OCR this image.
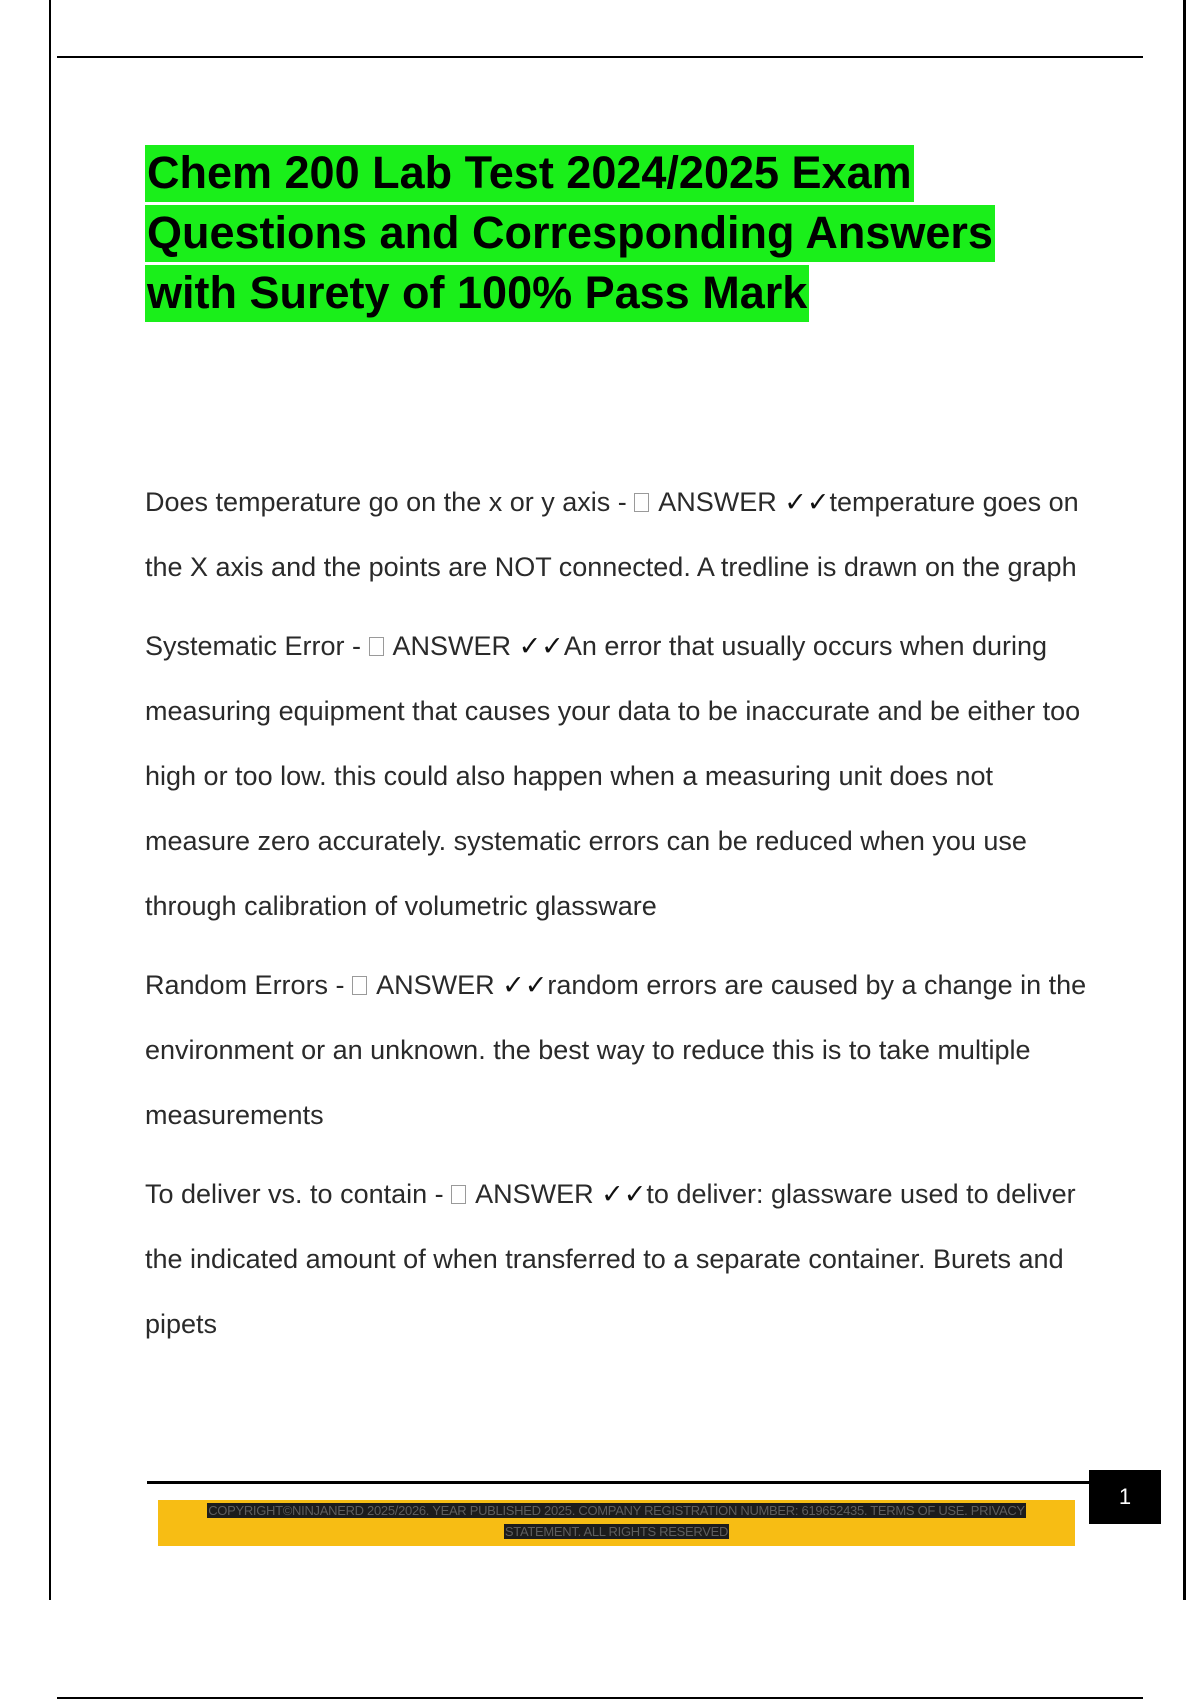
Chem 200 Lab Test 2024/2025 Exam
Questions and Corresponding Answers
with Surety of 100% Pass Mark

Does temperature go on the x or y axis - ANSWER ✓✓temperature goes on the X axis and the points are NOT connected. A tredline is drawn on the graph

Systematic Error - ANSWER ✓✓An error that usually occurs when during measuring equipment that causes your data to be inaccurate and be either too high or too low. this could also happen when a measuring unit does not measure zero accurately. systematic errors can be reduced when you use through calibration of volumetric glassware

Random Errors - ANSWER ✓✓random errors are caused by a change in the environment or an unknown. the best way to reduce this is to take multiple measurements

To deliver vs. to contain - ANSWER ✓✓to deliver: glassware used to deliver the indicated amount of when transferred to a separate container. Burets and pipets

1

COPYRIGHT©NINJANERD 2025/2026. YEAR PUBLISHED 2025. COMPANY REGISTRATION NUMBER: 619652435. TERMS OF USE. PRIVACY STATEMENT. ALL RIGHTS RESERVED
